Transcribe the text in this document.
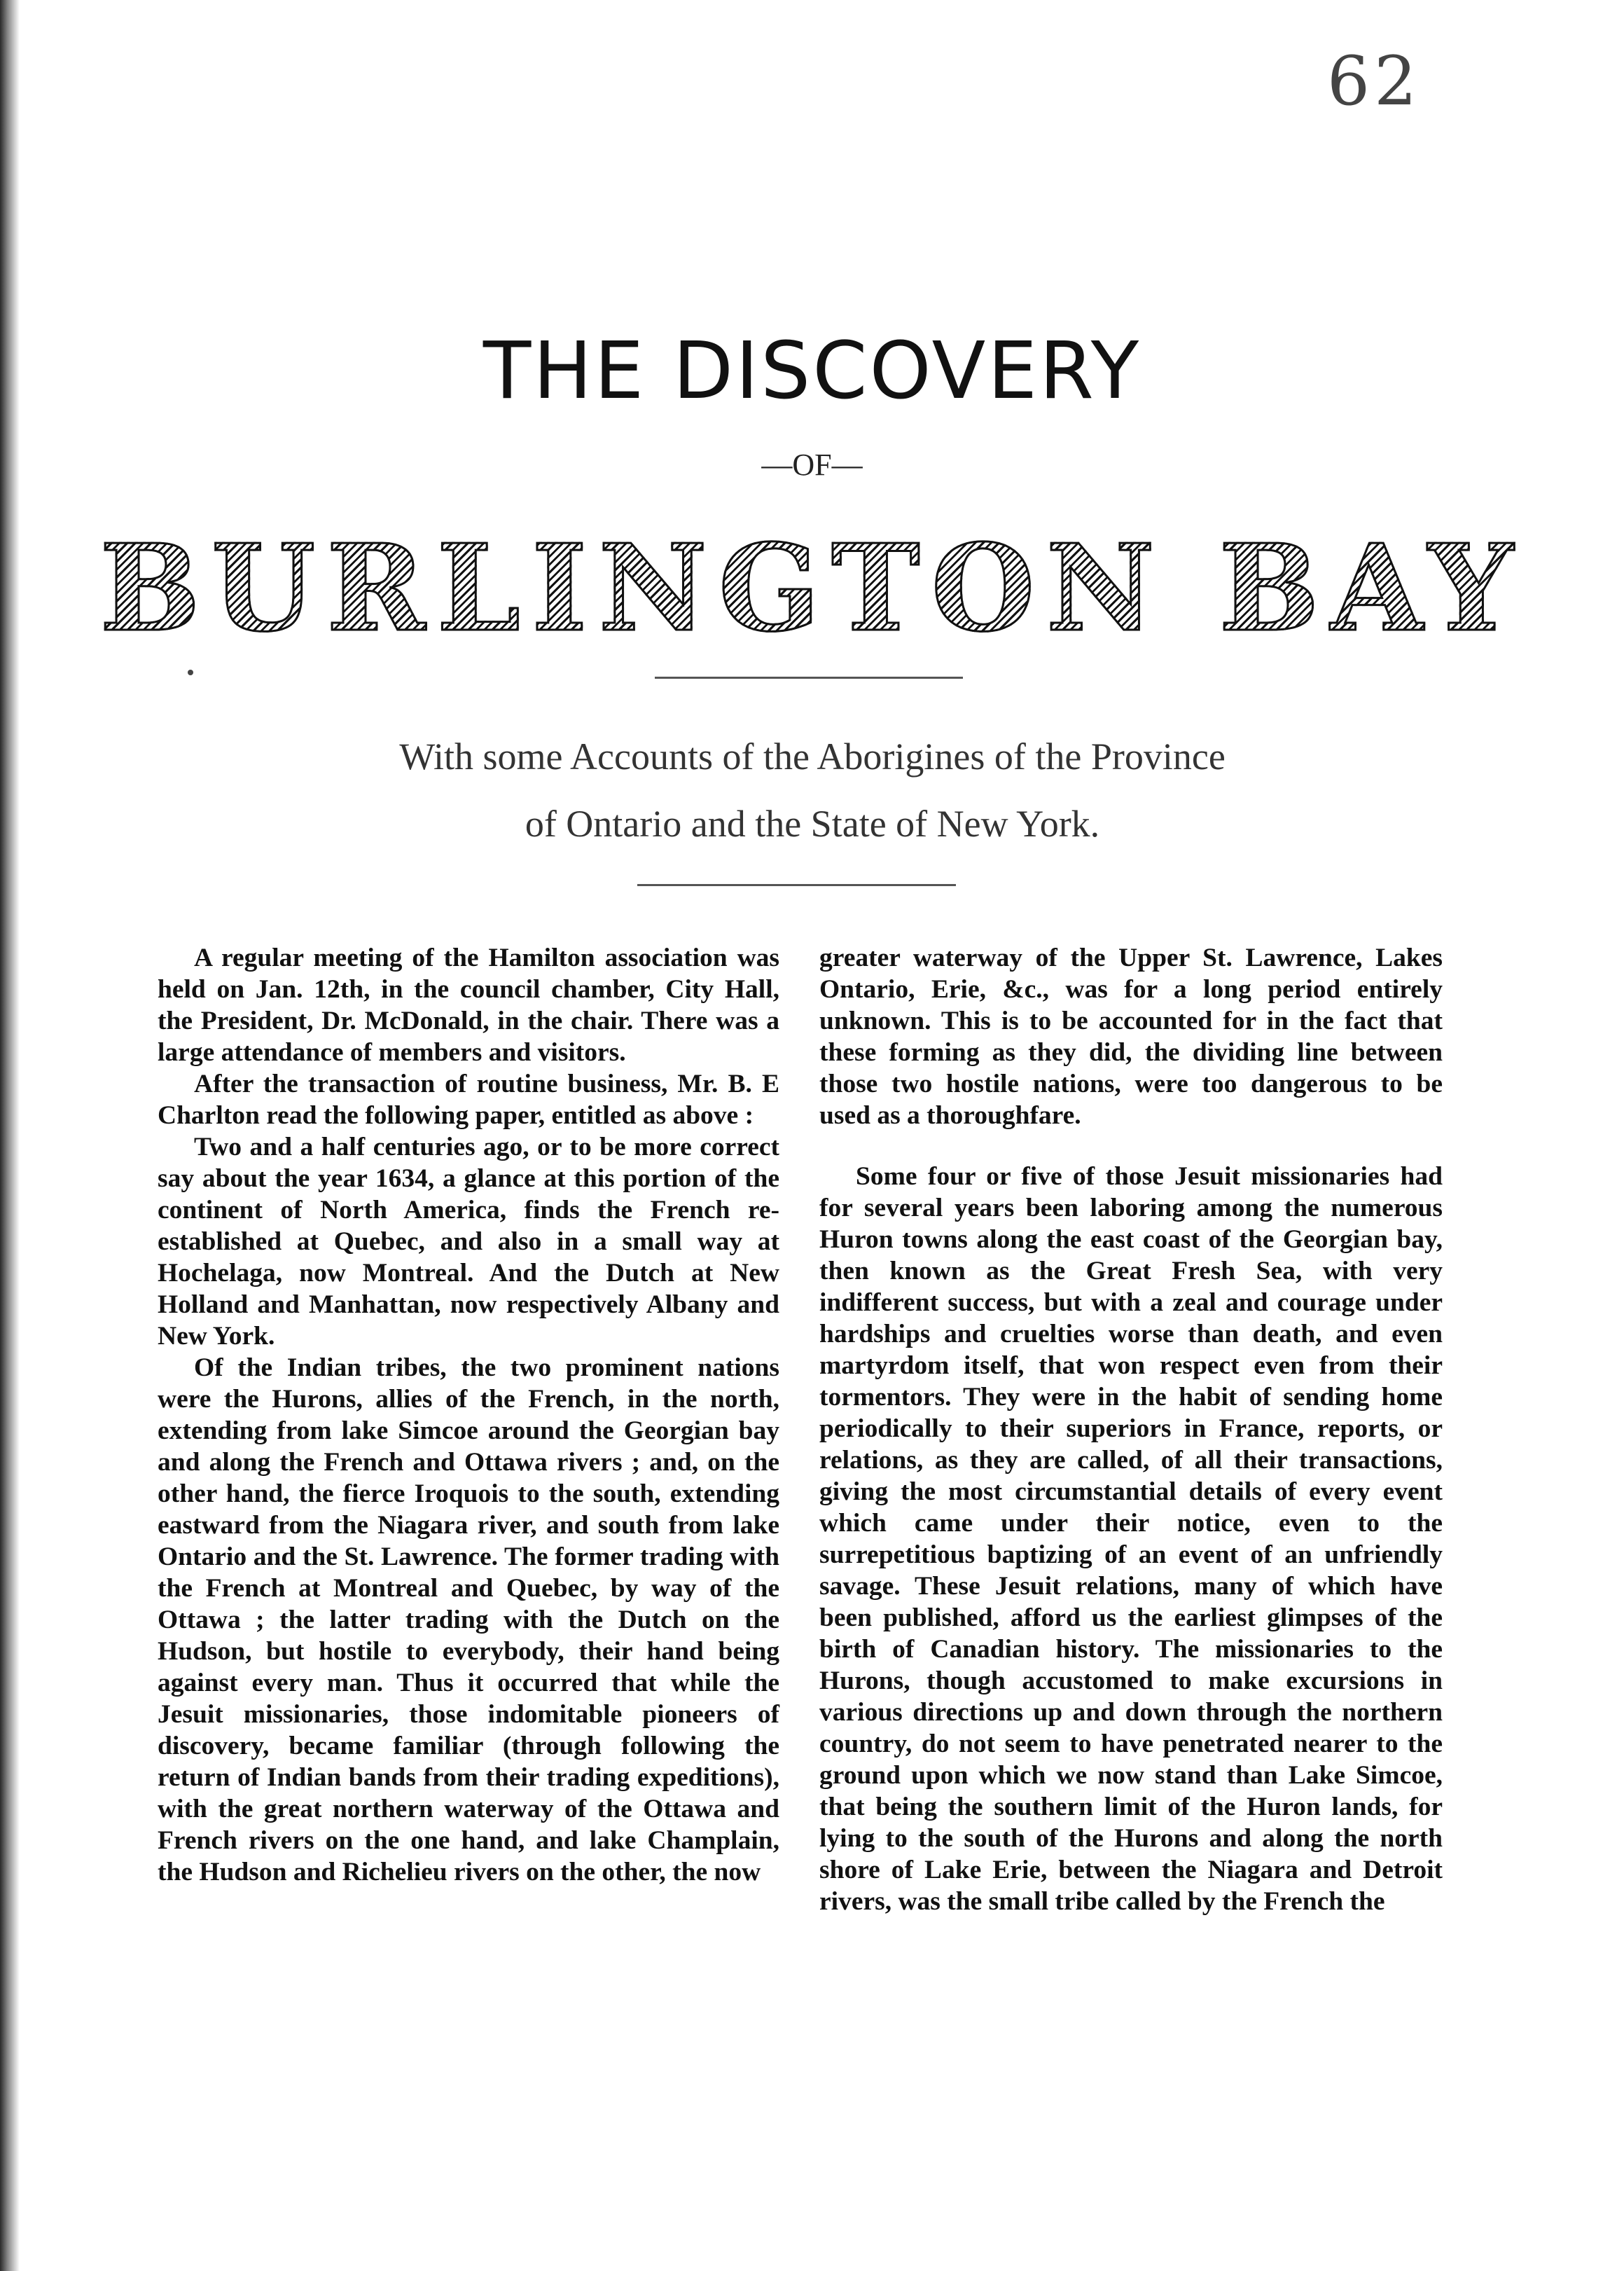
62
THE DISCOVERY
—OF—
BURLINGTON BAY
With some Accounts of the Aborigines of the Province
of Ontario and the State of New York.

A regular meeting of the Hamilton association was held on Jan. 12th, in the council chamber, City Hall, the President, Dr. McDonald, in the chair. There was a large attendance of members and visitors.

After the transaction of routine business, Mr. B. E Charlton read the following paper, entitled as above :

Two and a half centuries ago, or to be more correct say about the year 1634, a glance at this portion of the continent of North America, finds the French re-established at Quebec, and also in a small way at Hochelaga, now Montreal. And the Dutch at New Holland and Manhattan, now respectively Albany and New York.

Of the Indian tribes, the two prominent nations were the Hurons, allies of the French, in the north, extending from lake Simcoe around the Georgian bay and along the French and Ottawa rivers ; and, on the other hand, the fierce Iroquois to the south, extending eastward from the Niagara river, and south from lake Ontario and the St. Lawrence. The former trading with the French at Montreal and Quebec, by way of the Ottawa ; the latter trading with the Dutch on the Hudson, but hostile to everybody, their hand being against every man. Thus it occurred that while the Jesuit missionaries, those indomitable pioneers of discovery, became familiar (through following the return of Indian bands from their trading expeditions), with the great northern waterway of the Ottawa and French rivers on the one hand, and lake Champlain, the Hudson and Richelieu rivers on the other, the now

greater waterway of the Upper St. Lawrence, Lakes Ontario, Erie, &c., was for a long period entirely unknown. This is to be accounted for in the fact that these forming as they did, the dividing line between those two hostile nations, were too dangerous to be used as a thoroughfare.

Some four or five of those Jesuit missionaries had for several years been laboring among the numerous Huron towns along the east coast of the Georgian bay, then known as the Great Fresh Sea, with very indifferent success, but with a zeal and courage under hardships and cruelties worse than death, and even martyrdom itself, that won respect even from their tormentors. They were in the habit of sending home periodically to their superiors in France, reports, or relations, as they are called, of all their transactions, giving the most circumstantial details of every event which came under their notice, even to the surrepetitious baptizing of an event of an unfriendly savage. These Jesuit relations, many of which have been published, afford us the earliest glimpses of the birth of Canadian history. The missionaries to the Hurons, though accustomed to make excursions in various directions up and down through the northern country, do not seem to have penetrated nearer to the ground upon which we now stand than Lake Simcoe, that being the southern limit of the Huron lands, for lying to the south of the Hurons and along the north shore of Lake Erie, between the Niagara and Detroit rivers, was the small tribe called by the French the
